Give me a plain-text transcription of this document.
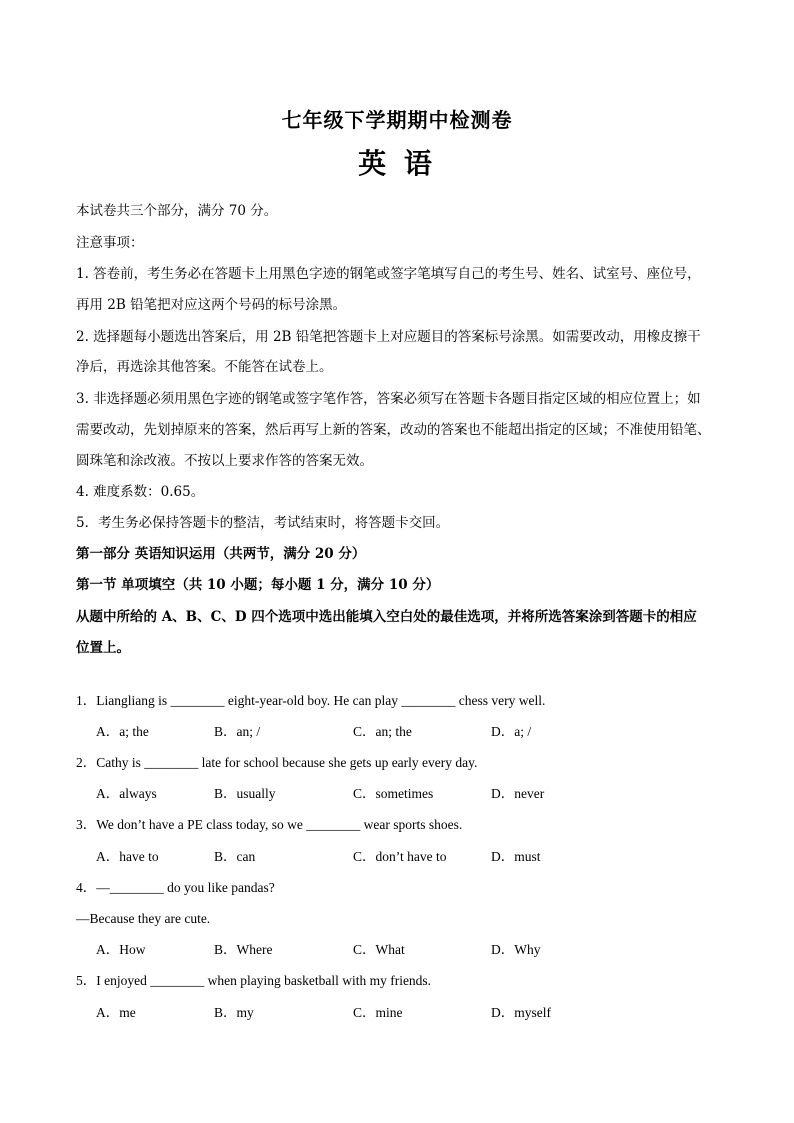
七年级下学期期中检测卷
英 语
本试卷共三个部分，满分 70 分。
注意事项：
1. 答卷前，考生务必在答题卡上用黑色字迹的钢笔或签字笔填写自己的考生号、姓名、试室号、座位号，
再用 2B 铅笔把对应这两个号码的标号涂黑。
2. 选择题每小题选出答案后，用 2B 铅笔把答题卡上对应题目的答案标号涂黑。如需要改动，用橡皮擦干
净后，再选涂其他答案。不能答在试卷上。
3. 非选择题必须用黑色字迹的钢笔或签字笔作答，答案必须写在答题卡各题目指定区域的相应位置上；如
需要改动，先划掉原来的答案，然后再写上新的答案，改动的答案也不能超出指定的区域；不准使用铅笔、
圆珠笔和涂改液。不按以上要求作答的答案无效。
4. 难度系数：0.65。
5．考生务必保持答题卡的整洁，考试结束时，将答题卡交回。
第一部分 英语知识运用（共两节，满分 20 分）
第一节 单项填空（共 10 小题；每小题 1 分，满分 10 分）
从题中所给的 A、B、C、D 四个选项中选出能填入空白处的最佳选项，并将所选答案涂到答题卡的相应
位置上。
1．Liangliang is ________ eight-year-old boy. He can play ________ chess very well.
A．a; the	B．an; /	C．an; the	D．a; /
2．Cathy is ________ late for school because she gets up early every day.
A．always	B．usually	C．sometimes	D．never
3．We don’t have a PE class today, so we ________ wear sports shoes.
A．have to	B．can	C．don’t have to	D．must
4．—________ do you like pandas?
—Because they are cute.
A．How	B．Where	C．What	D．Why
5．I enjoyed ________ when playing basketball with my friends.
A．me	B．my	C．mine	D．myself
